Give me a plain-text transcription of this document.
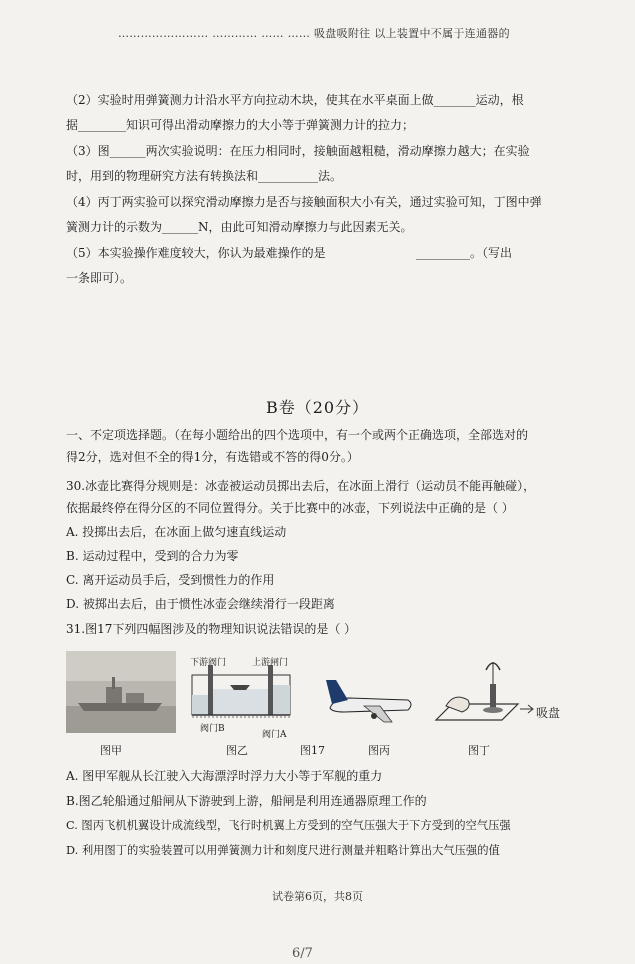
…………………… ………… …… …… 吸盘吸附往 以上装置中不属于连通器的
（2）实验时用弹簧测力计沿水平方向拉动木块，使其在水平桌面上做_______运动，根
据________知识可得出滑动摩擦力的大小等于弹簧测力计的拉力；
（3）图______两次实验说明：在压力相同时，接触面越粗糙，滑动摩擦力越大；在实验
时，用到的物理研究方法有转换法和__________法。
（4）丙丁两实验可以探究滑动摩擦力是否与接触面积大小有关，通过实验可知，丁图中弹
簧测力计的示数为______N，由此可知滑动摩擦力与此因素无关。
（5）本实验操作难度较大，你认为最难操作的是	_________。（写出
一条即可）。
B卷（20分）
一、不定项选择题。（在每小题给出的四个选项中，有一个或两个正确选项，全部选对的
得2分，选对但不全的得1分，有选错或不答的得0分。）
30.冰壶比赛得分规则是：冰壶被运动员掷出去后，在冰面上滑行（运动员不能再触碰），
依据最终停在得分区的不同位置得分。关于比赛中的冰壶，下列说法中正确的是（ ）
A. 投掷出去后，在冰面上做匀速直线运动
B. 运动过程中，受到的合力为零
C. 离开运动员手后，受到惯性力的作用
D. 被掷出去后，由于惯性冰壶会继续滑行一段距离
31.图17下列四幅图涉及的物理知识说法错误的是（ ）
下游阀门	上游闸门
阀门B
阀门A
吸盘
图甲	图乙	图17	图丙	图丁
A. 图甲军舰从长江驶入大海漂浮时浮力大小等于军舰的重力
B.图乙轮船通过船闸从下游驶到上游，船闸是利用连通器原理工作的
C. 图丙飞机机翼设计成流线型，飞行时机翼上方受到的空气压强大于下方受到的空气压强
D. 利用图丁的实验装置可以用弹簧测力计和刻度尺进行测量并粗略计算出大气压强的值
试卷第6页，共8页
6/7
